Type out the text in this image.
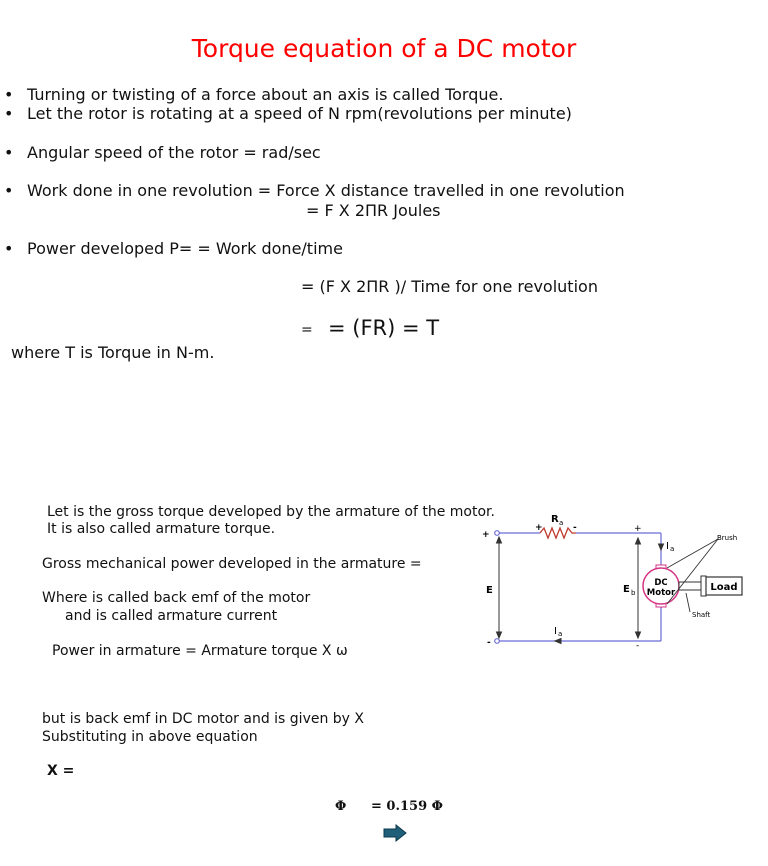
Torque equation of a DC motor
• Turning or twisting of a force about an axis is called Torque.
• Let the rotor is rotating at a speed of N rpm(revolutions per minute)
• Angular speed of the rotor = rad/sec
• Work done in one revolution = Force X distance travelled in one revolution
= F X 2ΠR Joules
• Power developed P= = Work done/time
= (F X 2ΠR )/ Time for one revolution
= = (FR) = T
where T is Torque in N-m.
Let is the gross torque developed by the armature of the motor.
It is also called armature torque.
Gross mechanical power developed in the armature =
Where is called back emf of the motor
and is called armature current
Power in armature = Armature torque X ω
but is back emf in DC motor and is given by X
Substituting in above equation
X =
Φ = 0.159 Φ
R a
+	-
+
-
+
-
E	E b
I a
I a
DC
Motor	Load
Brush
Shaft
